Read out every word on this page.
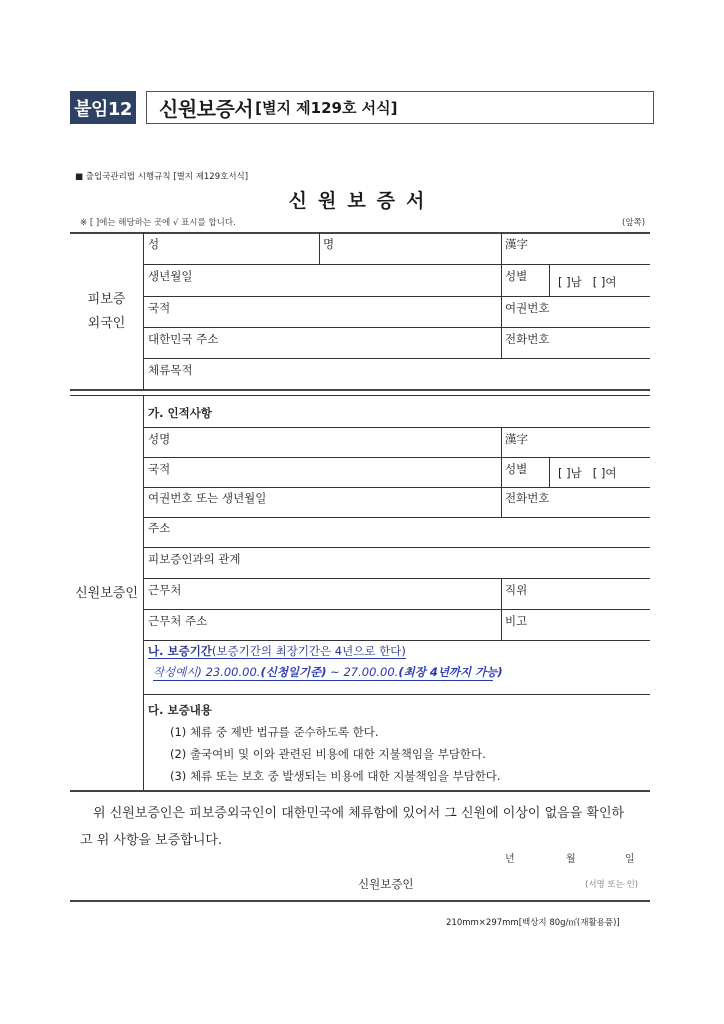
붙임12 신원보증서 [별지 제129호 서식]
■ 출입국관리법 시행규칙 [별지 제129호서식]
신원보증서
※ [ ]에는 해당하는 곳에 √ 표시를 합니다.	(앞쪽)
피보증
외국인
성	명	漢字
생년월일	성별	[ ]남   [ ]여
국적	여권번호
대한민국 주소	전화번호
체류목적
신원보증인
가. 인적사항
성명	漢字
국적	성별	[ ]남   [ ]여
여권번호 또는 생년월일	전화번호
주소
피보증인과의 관계
근무처	직위
근무처 주소	비고
나. 보증기간(보증기간의 최장기간은 4년으로 한다)
작성예시) 23.00.00.(신청일기준) ~ 27.00.00.(최장 4년까지 가능)
다. 보증내용
(1) 체류 중 제반 법규를 준수하도록 한다.
(2) 출국여비 및 이와 관련된 비용에 대한 지불책임을 부담한다.
(3) 체류 또는 보호 중 발생되는 비용에 대한 지불책임을 부담한다.
위 신원보증인은 피보증외국인이 대한민국에 체류함에 있어서 그 신원에 이상이 없음을 확인하
고 위 사항을 보증합니다.
년	월	일
신원보증인	(서명 또는 인)
210mm×297mm[백상지 80g/㎡(재활용품)]
